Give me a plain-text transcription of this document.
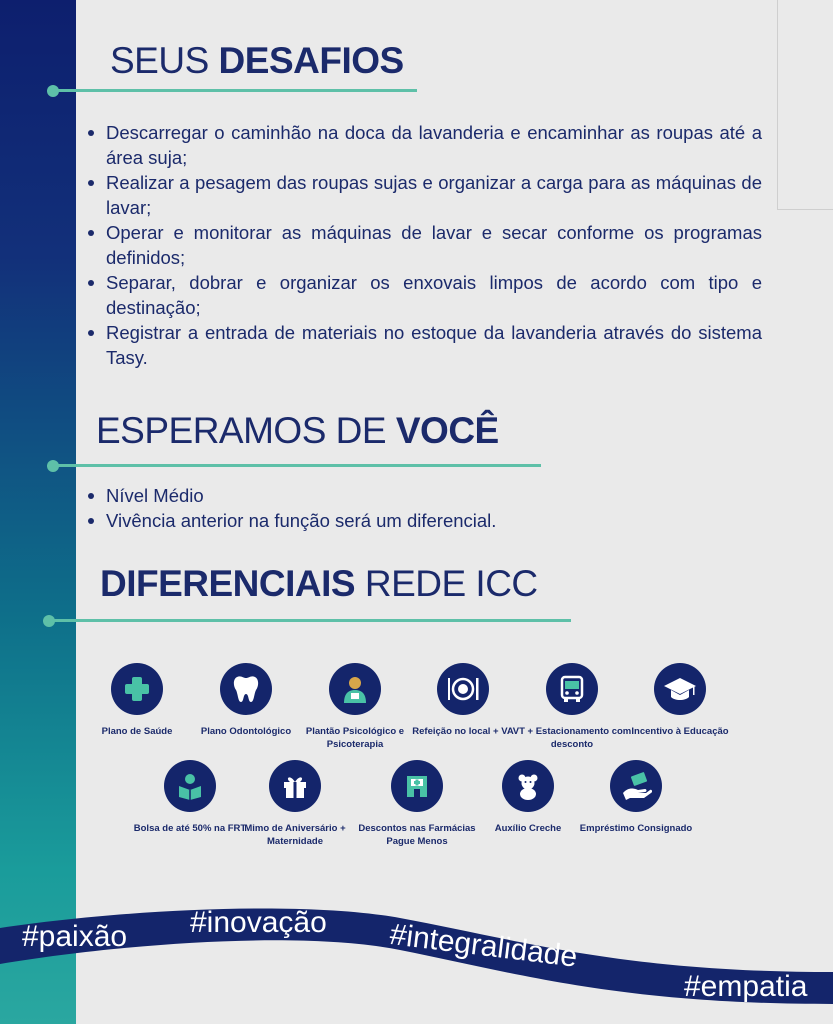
SEUS DESAFIOS
Descarregar o caminhão na doca da lavanderia e encaminhar as roupas até a área suja;
Realizar a pesagem das roupas sujas e organizar a carga para as máquinas de lavar;
Operar e monitorar as máquinas de lavar e secar conforme os programas definidos;
Separar, dobrar e organizar os enxovais limpos de acordo com tipo e destinação;
Registrar a entrada de materiais no estoque da lavanderia através do sistema Tasy.
ESPERAMOS DE VOCÊ
Nível Médio
Vivência anterior na função será um diferencial.
DIFERENCIAIS REDE ICC
Plano de Saúde	Plano Odontológico	Plantão Psicológico e Psicoterapia
Refeição no local + VA VT + Estacionamento com desconto
Incentivo à Educação
Bolsa de até 50% na FRT
Mimo de Aniversário + Maternidade
Descontos nas Farmácias Pague Menos
Auxílio Creche	Empréstimo Consignado
#paixão #inovação #integralidade
#empatia
